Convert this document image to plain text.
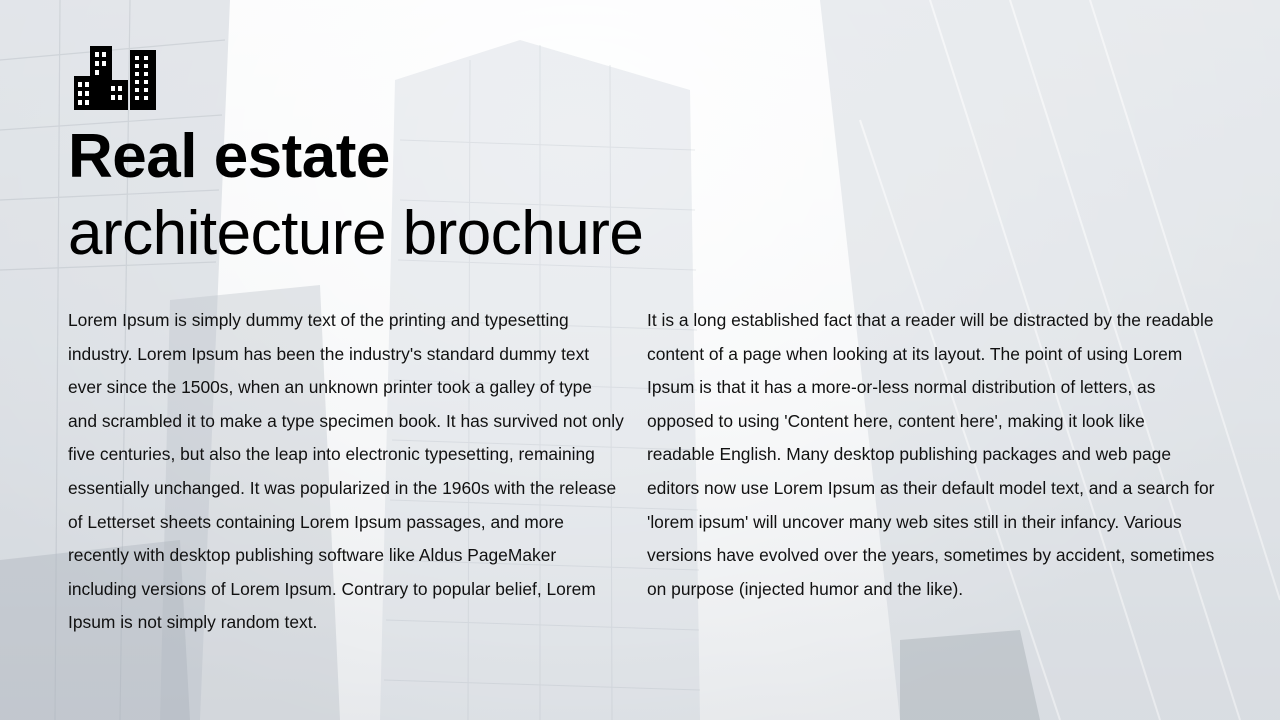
Real estate
architecture brochure

Lorem Ipsum is simply dummy text of the printing and typesetting industry. Lorem Ipsum has been the industry's standard dummy text ever since the 1500s, when an unknown printer took a galley of type and scrambled it to make a type specimen book. It has survived not only five centuries, but also the leap into electronic typesetting, remaining essentially unchanged. It was popularized in the 1960s with the release of Letterset sheets containing Lorem Ipsum passages, and more recently with desktop publishing software like Aldus PageMaker including versions of Lorem Ipsum. Contrary to popular belief, Lorem Ipsum is not simply random text.

It is a long established fact that a reader will be distracted by the readable content of a page when looking at its layout. The point of using Lorem Ipsum is that it has a more-or-less normal distribution of letters, as opposed to using 'Content here, content here', making it look like readable English. Many desktop publishing packages and web page editors now use Lorem Ipsum as their default model text, and a search for 'lorem ipsum' will uncover many web sites still in their infancy. Various versions have evolved over the years, sometimes by accident, sometimes on purpose (injected humor and the like).
